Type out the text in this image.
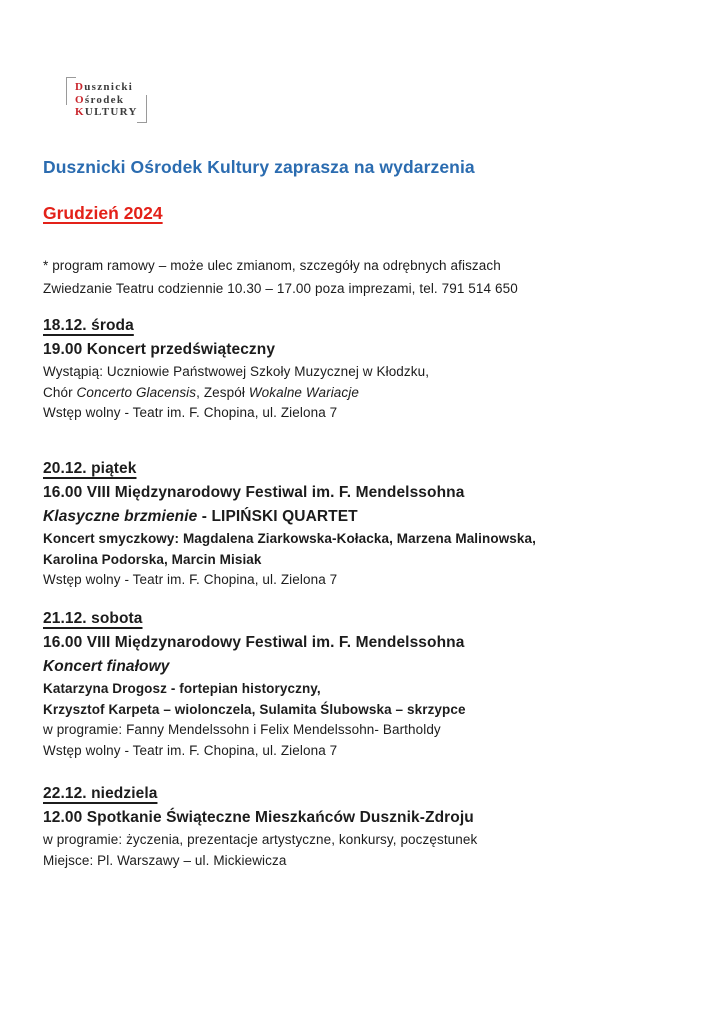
Dusznicki
Ośrodek
KULTURY
Dusznicki Ośrodek Kultury zaprasza na wydarzenia
Grudzień 2024

* program ramowy – może ulec zmianom, szczegóły na odrębnych afiszach

Zwiedzanie Teatru codziennie 10.30 – 17.00 poza imprezami, tel. 791 514 650

18.12. środa

19.00 Koncert przedświąteczny

Wystąpią: Uczniowie Państwowej Szkoły Muzycznej w Kłodzku,

Chór Concerto Glacensis, Zespół Wokalne Wariacje

Wstęp wolny - Teatr im. F. Chopina, ul. Zielona 7

20.12. piątek

16.00 VIII Międzynarodowy Festiwal im. F. Mendelssohna

Klasyczne brzmienie - LIPIŃSKI QUARTET

Koncert smyczkowy: Magdalena Ziarkowska-Kołacka, Marzena Malinowska,

Karolina Podorska, Marcin Misiak

Wstęp wolny - Teatr im. F. Chopina, ul. Zielona 7

21.12. sobota

16.00 VIII Międzynarodowy Festiwal im. F. Mendelssohna

Koncert finałowy

Katarzyna Drogosz - fortepian historyczny,

Krzysztof Karpeta – wiolonczela, Sulamita Ślubowska – skrzypce

w programie: Fanny Mendelssohn i Felix Mendelssohn- Bartholdy

Wstęp wolny - Teatr im. F. Chopina, ul. Zielona 7

22.12. niedziela

12.00 Spotkanie Świąteczne Mieszkańców Dusznik-Zdroju

w programie: życzenia, prezentacje artystyczne, konkursy, poczęstunek

Miejsce: Pl. Warszawy – ul. Mickiewicza
